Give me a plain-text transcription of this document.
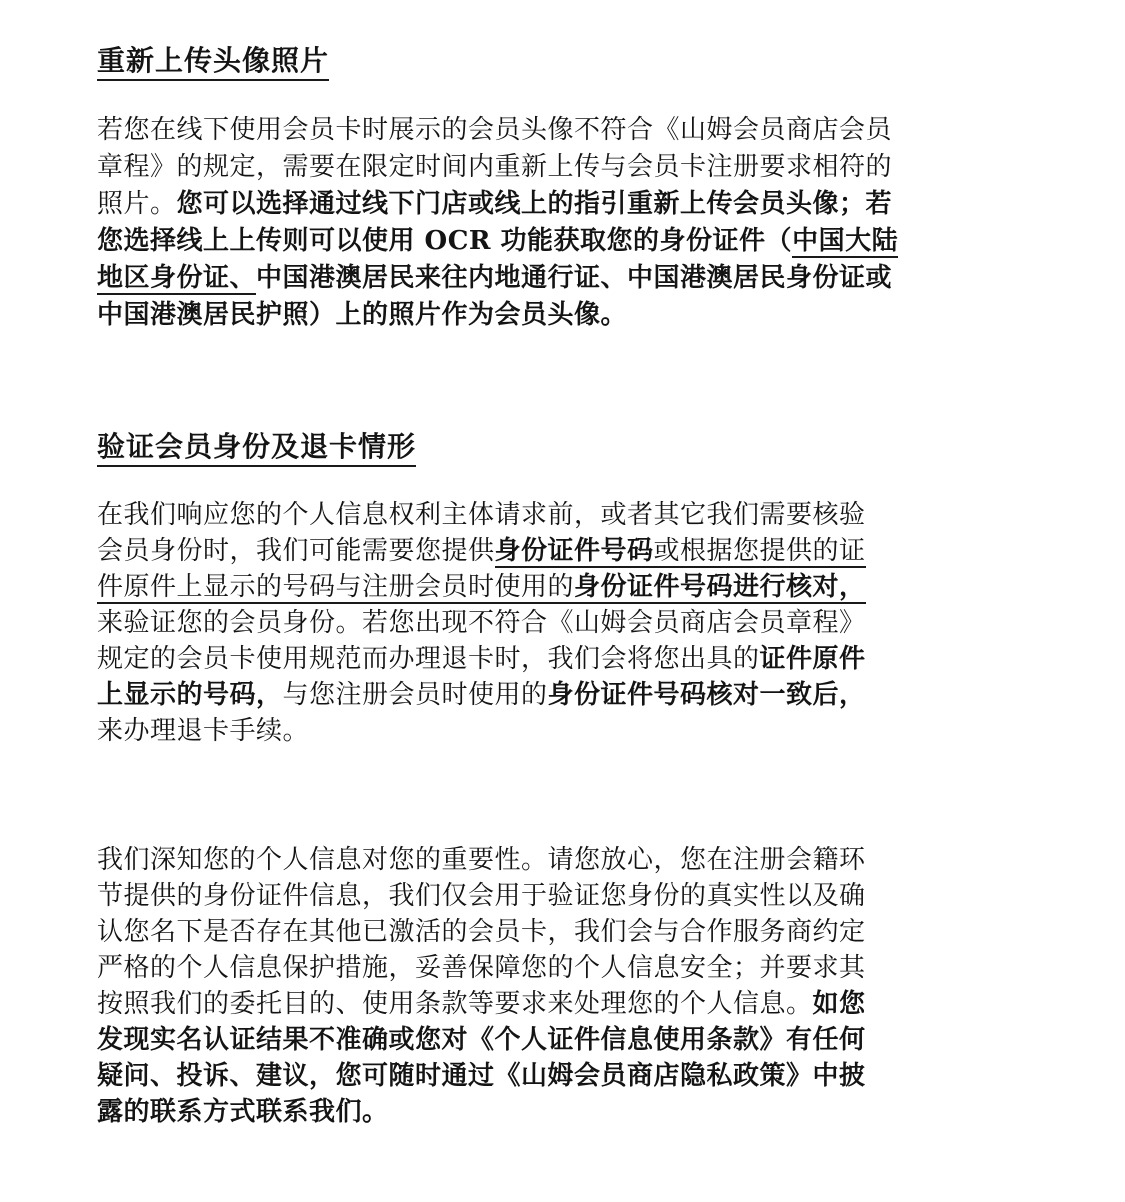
重新上传头像照片
若您在线下使用会员卡时展示的会员头像不符合《山姆会员商店会员
章程》的规定，需要在限定时间内重新上传与会员卡注册要求相符的
照片。您可以选择通过线下门店或线上的指引重新上传会员头像；若
您选择线上上传则可以使用 OCR 功能获取您的身份证件（中国大陆
地区身份证、中国港澳居民来往内地通行证、中国港澳居民身份证或
中国港澳居民护照）上的照片作为会员头像。
验证会员身份及退卡情形
在我们响应您的个人信息权利主体请求前，或者其它我们需要核验
会员身份时，我们可能需要您提供身份证件号码或根据您提供的证
件原件上显示的号码与注册会员时使用的身份证件号码进行核对，
来验证您的会员身份。若您出现不符合《山姆会员商店会员章程》
规定的会员卡使用规范而办理退卡时，我们会将您出具的证件原件
上显示的号码，与您注册会员时使用的身份证件号码核对一致后，
来办理退卡手续。
我们深知您的个人信息对您的重要性。请您放心，您在注册会籍环
节提供的身份证件信息，我们仅会用于验证您身份的真实性以及确
认您名下是否存在其他已激活的会员卡，我们会与合作服务商约定
严格的个人信息保护措施，妥善保障您的个人信息安全；并要求其
按照我们的委托目的、使用条款等要求来处理您的个人信息。如您
发现实名认证结果不准确或您对《个人证件信息使用条款》有任何
疑问、投诉、建议，您可随时通过《山姆会员商店隐私政策》中披
露的联系方式联系我们。
